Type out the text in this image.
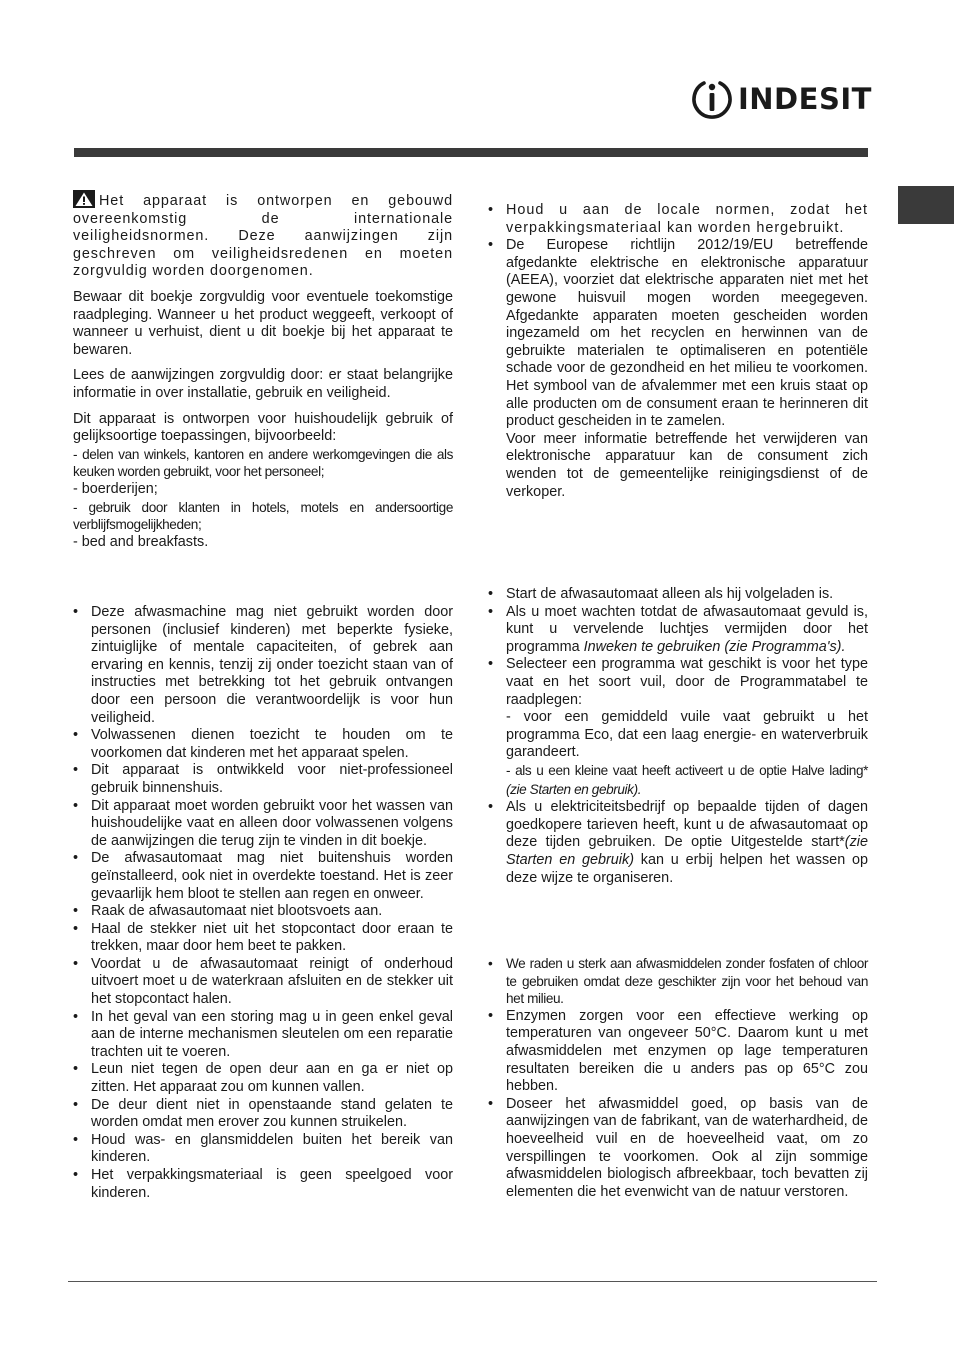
INDESIT

Het apparaat is ontworpen en gebouwd overeenkomstig de internationale veiligheidsnormen. Deze aanwijzingen zijn geschreven om veiligheidsredenen en moeten zorgvuldig worden doorgenomen.

Bewaar dit boekje zorgvuldig voor eventuele toekomstige raadpleging. Wanneer u het product weggeeft, verkoopt of wanneer u verhuist, dient u dit boekje bij het apparaat te bewaren.

Lees de aanwijzingen zorgvuldig door: er staat belangrijke informatie in over installatie, gebruik en veiligheid.

Dit apparaat is ontworpen voor huishoudelijk gebruik of gelijksoortige toepassingen, bijvoorbeeld:

- delen van winkels, kantoren en andere werkomgevingen die als keuken worden gebruikt, voor het personeel;

- boerderijen;

- gebruik door klanten in hotels, motels en andersoortige verblijfsmogelijkheden;

- bed and breakfasts.

• Deze afwasmachine mag niet gebruikt worden door personen (inclusief kinderen) met beperkte fysieke, zintuiglijke of mentale capaciteiten, of gebrek aan ervaring en kennis, tenzij zij onder toezicht staan van of instructies met betrekking tot het gebruik ontvangen door een persoon die verantwoordelijk is voor hun veiligheid.
• Volwassenen dienen toezicht te houden om te voorkomen dat kinderen met het apparaat spelen.
• Dit apparaat is ontwikkeld voor niet-professioneel gebruik binnenshuis.
• Dit apparaat moet worden gebruikt voor het wassen van huishoudelijke vaat en alleen door volwassenen volgens de aanwijzingen die terug zijn te vinden in dit boekje.
• De afwasautomaat mag niet buitenshuis worden geïnstalleerd, ook niet in overdekte toestand. Het is zeer gevaarlijk hem bloot te stellen aan regen en onweer.
• Raak de afwasautomaat niet blootsvoets aan.
• Haal de stekker niet uit het stopcontact door eraan te trekken, maar door hem beet te pakken.
• Voordat u de afwasautomaat reinigt of onderhoud uitvoert moet u de waterkraan afsluiten en de stekker uit het stopcontact halen.
• In het geval van een storing mag u in geen enkel geval aan de interne mechanismen sleutelen om een reparatie trachten uit te voeren.
• Leun niet tegen de open deur aan en ga er niet op zitten. Het apparaat zou om kunnen vallen.
• De deur dient niet in openstaande stand gelaten te worden omdat men erover zou kunnen struikelen.
• Houd was- en glansmiddelen buiten het bereik van kinderen.
• Het verpakkingsmateriaal is geen speelgoed voor kinderen.
• Houd u aan de locale normen, zodat het verpakkingsmateriaal kan worden hergebruikt.
• De Europese richtlijn 2012/19/EU betreffende afgedankte elektrische en elektronische apparatuur (AEEA), voorziet dat elektrische apparaten niet met het gewone huisvuil mogen worden meegegeven. Afgedankte apparaten moeten gescheiden worden ingezameld om het recyclen en herwinnen van de gebruikte materialen te optimaliseren en potentiële schade voor de gezondheid en het milieu te voorkomen. Het symbool van de afvalemmer met een kruis staat op alle producten om de consument eraan te herinneren dit product gescheiden in te zamelen.
Voor meer informatie betreffende het verwijderen van elektronische apparatuur kan de consument zich wenden tot de gemeentelijke reinigingsdienst of de verkoper.
• Start de afwasautomaat alleen als hij volgeladen is.
• Als u moet wachten totdat de afwasautomaat gevuld is, kunt u vervelende luchtjes vermijden door het programma Inweken te gebruiken (zie Programma's).
• Selecteer een programma wat geschikt is voor het type vaat en het soort vuil, door de Programmatabel te raadplegen:
- voor een gemiddeld vuile vaat gebruikt u het programma Eco, dat een laag energie- en waterverbruik garandeert.
- als u een kleine vaat heeft activeert u de optie Halve lading* (zie Starten en gebruik).
• Als u elektriciteitsbedrijf op bepaalde tijden of dagen goedkopere tarieven heeft, kunt u de afwasautomaat op deze tijden gebruiken. De optie Uitgestelde start*(zie Starten en gebruik) kan u erbij helpen het wassen op deze wijze te organiseren.
• We raden u sterk aan afwasmiddelen zonder fosfaten of chloor te gebruiken omdat deze geschikter zijn voor het behoud van het milieu.
• Enzymen zorgen voor een effectieve werking op temperaturen van ongeveer 50°C. Daarom kunt u met afwasmiddelen met enzymen op lage temperaturen resultaten bereiken die u anders pas op 65°C zou hebben.
• Doseer het afwasmiddel goed, op basis van de aanwijzingen van de fabrikant, van de waterhardheid, de hoeveelheid vuil en de hoeveelheid vaat, om zo verspillingen te voorkomen. Ook al zijn sommige afwasmiddelen biologisch afbreekbaar, toch bevatten zij elementen die het evenwicht van de natuur verstoren.
